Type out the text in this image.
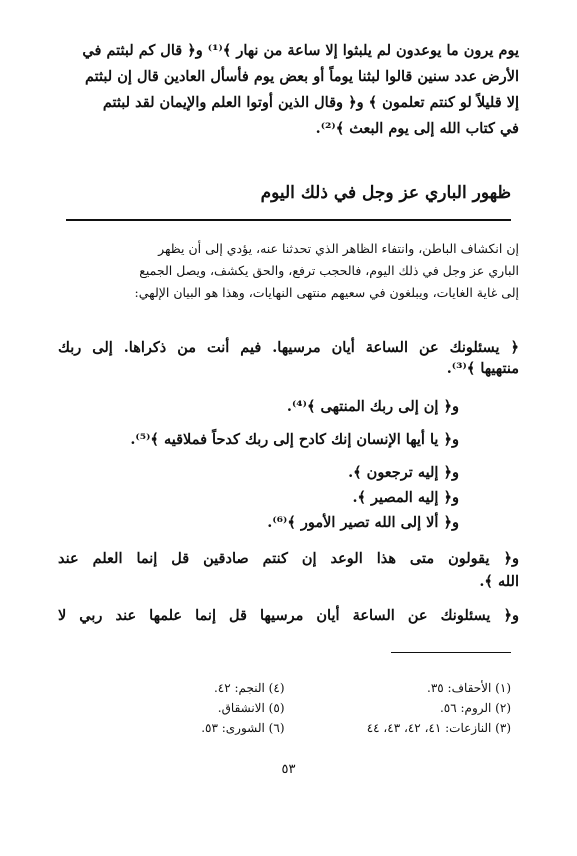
يوم يرون ما يوعدون لم يلبثوا إلا ساعة من نهار ﴾⁽¹⁾ و﴿ قال كم لبثتم في
الأرض عدد سنين قالوا لبثنا يوماً أو بعض يوم فأسأل العادين قال إن لبثتم
إلا قليلاً لو كنتم تعلمون ﴾ و﴿ وقال الذين أوتوا العلم والإيمان لقد لبثتم
في كتاب الله إلى يوم البعث ﴾⁽²⁾.
ظهور الباري عز وجل في ذلك اليوم
إن انكشاف الباطن، وانتفاء الظاهر الذي تحدثنا عنه، يؤدي إلى أن يظهر
الباري عز وجل في ذلك اليوم، فالحجب ترفع، والحق يكشف، ويصل الجميع
إلى غاية الغايات، ويبلغون في سعيهم منتهى النهايات، وهذا هو البيان الإلهي:
﴿ يسئلونك عن الساعة أيان مرسيها. فيم أنت من ذكراها. إلى ربك
منتهيها ﴾⁽³⁾.
و﴿ إن إلى ربك المنتهى ﴾⁽⁴⁾.
و﴿ يا أيها الإنسان إنك كادح إلى ربك كدحاً فملاقيه ﴾⁽⁵⁾.
و﴿ إليه ترجعون ﴾.
و﴿ إليه المصير ﴾.
و﴿ ألا إلى الله تصير الأمور ﴾⁽⁶⁾.
و﴿ يقولون متى هذا الوعد إن كنتم صادقين قل إنما العلم عند
الله ﴾.
و﴿ يسئلونك عن الساعة أيان مرسيها قل إنما علمها عند ربي لا
(١) الأحقاف: ٣٥.
(٤) النجم: ٤٢.
(٢) الروم: ٥٦.
(٥) الانشقاق.
(٣) النازعات: ٤١، ٤٢، ٤٣، ٤٤
(٦) الشورى: ٥٣.
٥٣
